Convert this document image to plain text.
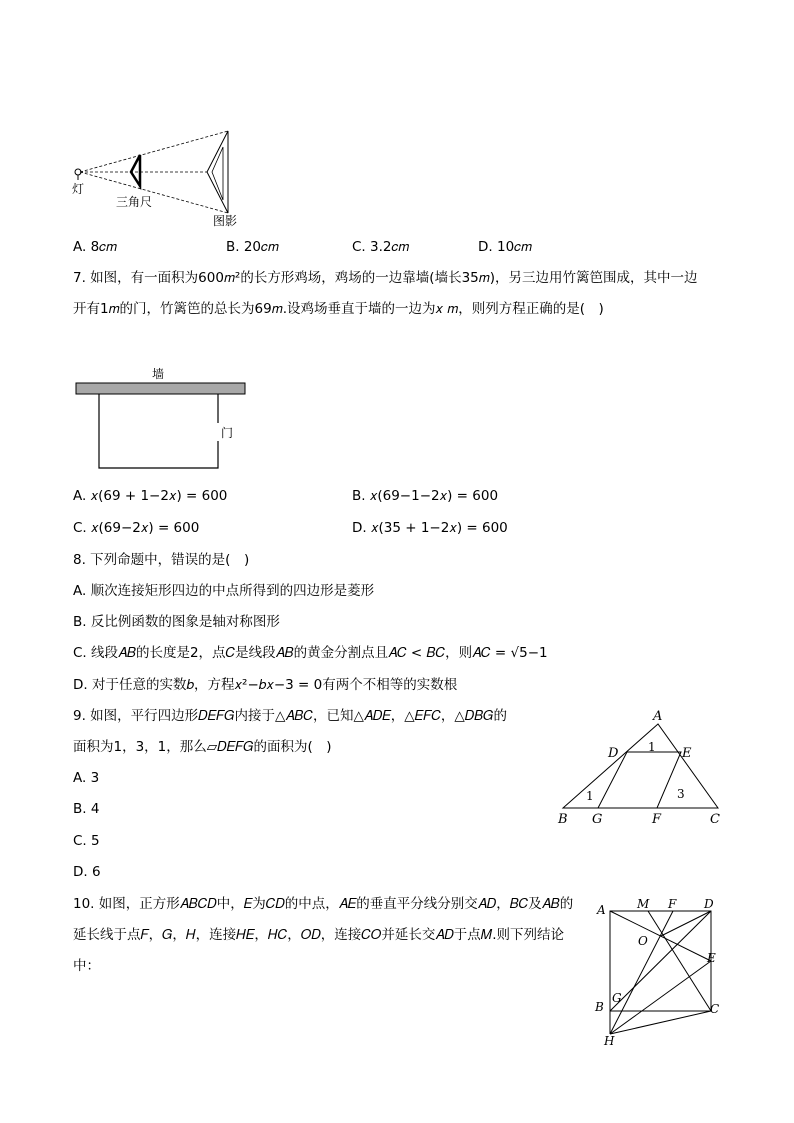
灯
三角尺
图影
A. 8𝑐𝑚	B. 20𝑐𝑚	C. 3.2𝑐𝑚	D. 10𝑐𝑚
7. 如图，有一面积为600𝑚²的长方形鸡场，鸡场的一边靠墙(墙长35𝑚)，另三边用竹篱笆围成，其中一边
开有1𝑚的门，竹篱笆的总长为69𝑚.设鸡场垂直于墙的一边为𝑥 𝑚，则列方程正确的是(　)
墙
门
A. 𝑥(69 + 1−2𝑥) = 600	B. 𝑥(69−1−2𝑥) = 600
C. 𝑥(69−2𝑥) = 600	D. 𝑥(35 + 1−2𝑥) = 600
8. 下列命题中，错误的是(　)
A. 顺次连接矩形四边的中点所得到的四边形是菱形
B. 反比例函数的图象是轴对称图形
C. 线段𝐴𝐵的长度是2，点𝐶是线段𝐴𝐵的黄金分割点且𝐴𝐶 < 𝐵𝐶，则𝐴𝐶 = √5−1
D. 对于任意的实数𝑏，方程𝑥²−𝑏𝑥−3 = 0有两个不相等的实数根
9. 如图，平行四边形𝐷𝐸𝐹𝐺内接于△𝐴𝐵𝐶，已知△𝐴𝐷𝐸，△𝐸𝐹𝐶，△𝐷𝐵𝐺的
面积为1，3，1，那么▱𝐷𝐸𝐹𝐺的面积为(　)
A. 3
B. 4
C. 5
D. 6
A
D	E
B G	F	C
1
1	3
10. 如图，正方形𝐴𝐵𝐶𝐷中，𝐸为𝐶𝐷的中点，𝐴𝐸的垂直平分线分别交𝐴𝐷，𝐵𝐶及𝐴𝐵的
延长线于点𝐹，𝐺，𝐻，连接𝐻𝐸，𝐻𝐶，𝑂𝐷，连接𝐶𝑂并延长交𝐴𝐷于点𝑀.则下列结论
中：
A	M F D
O
E
B
G
C
H
